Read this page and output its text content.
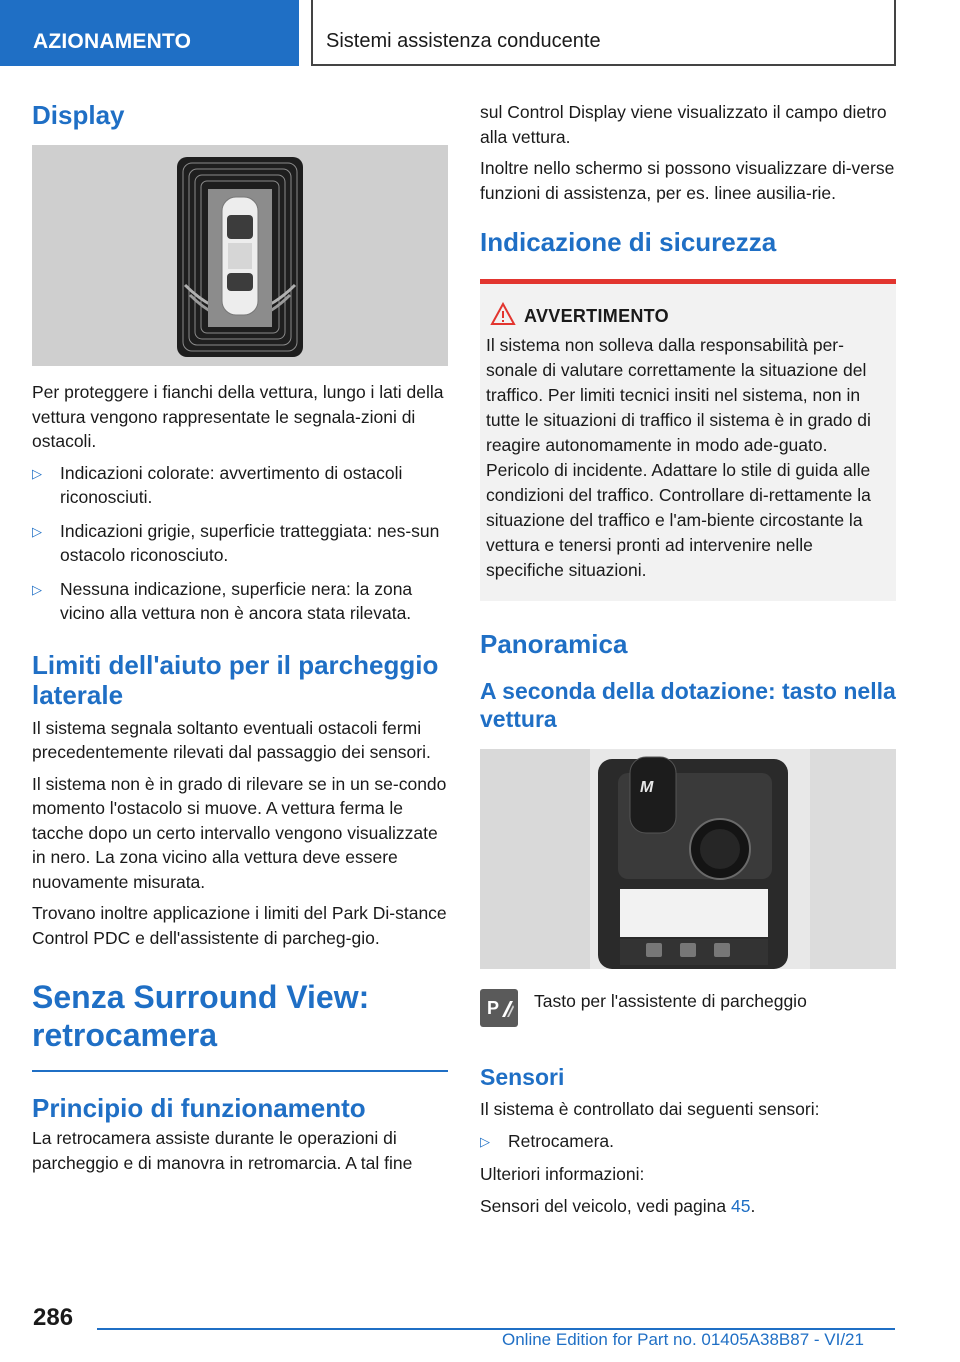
AZIONAMENTO	Sistemi assistenza conducente
Display

Per proteggere i fianchi della vettura, lungo i lati della vettura vengono rappresentate le segnala-zioni di ostacoli.

▷ Indicazioni colorate: avvertimento di ostacoli riconosciuti.
▷ Indicazioni grigie, superficie tratteggiata: nes-sun ostacolo riconosciuto.
▷ Nessuna indicazione, superficie nera: la zona vicino alla vettura non è ancora stata rilevata.
Limiti dell'aiuto per il parcheggio laterale

Il sistema segnala soltanto eventuali ostacoli fermi precedentemente rilevati dal passaggio dei sensori.

Il sistema non è in grado di rilevare se in un se-condo momento l'ostacolo si muove. A vettura ferma le tacche dopo un certo intervallo vengono visualizzate in nero. La zona vicino alla vettura deve essere nuovamente misurata.

Trovano inoltre applicazione i limiti del Park Di-stance Control PDC e dell'assistente di parcheg-gio.

Senza Surround View: retrocamera
Principio di funzionamento

La retrocamera assiste durante le operazioni di parcheggio e di manovra in retromarcia. A tal fine

sul Control Display viene visualizzato il campo dietro alla vettura.

Inoltre nello schermo si possono visualizzare di-verse funzioni di assistenza, per es. linee ausilia-rie.

Indicazione di sicurezza
AVVERTIMENTO

Il sistema non solleva dalla responsabilità per-sonale di valutare correttamente la situazione del traffico. Per limiti tecnici insiti nel sistema, non in tutte le situazioni di traffico il sistema è in grado di reagire autonomamente in modo ade-guato. Pericolo di incidente. Adattare lo stile di guida alle condizioni del traffico. Controllare di-rettamente la situazione del traffico e l'am-biente circostante la vettura e tenersi pronti ad intervenire nelle specifiche situazioni.

Panoramica
A seconda della dotazione: tasto nella vettura
M
P Tasto per l'assistente di parcheggio
Sensori

Il sistema è controllato dai seguenti sensori:

▷ Retrocamera.

Ulteriori informazioni:

Sensori del veicolo, vedi pagina 45.

286
Online Edition for Part no. 01405A38B87 - VI/21
